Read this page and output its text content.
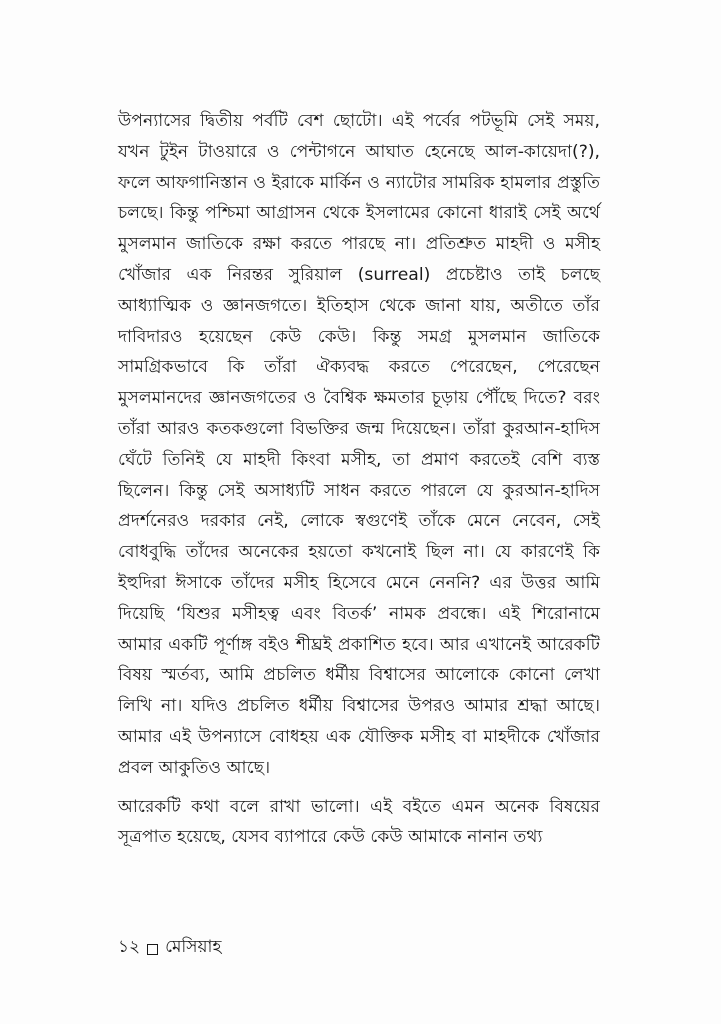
উপন্যাসের দ্বিতীয় পর্বটি বেশ ছোটো। এই পর্বের পটভূমি সেই সময়, যখন টুইন টাওয়ারে ও পেন্টাগনে আঘাত হেনেছে আল-কায়েদা(?), ফলে আফগানিস্তান ও ইরাকে মার্কিন ও ন্যাটোর সামরিক হামলার প্রস্তুতি চলছে। কিন্তু পশ্চিমা আগ্রাসন থেকে ইসলামের কোনো ধারাই সেই অর্থে মুসলমান জাতিকে রক্ষা করতে পারছে না। প্রতিশ্রুত মাহদী ও মসীহ খোঁজার এক নিরন্তর সুরিয়াল (surreal) প্রচেষ্টাও তাই চলছে আধ্যাত্মিক ও জ্ঞানজগতে। ইতিহাস থেকে জানা যায়, অতীতে তাঁর দাবিদারও হয়েছেন কেউ কেউ। কিন্তু সমগ্র মুসলমান জাতিকে সামগ্রিকভাবে কি তাঁরা ঐক্যবদ্ধ করতে পেরেছেন, পেরেছেন মুসলমানদের জ্ঞানজগতের ও বৈশ্বিক ক্ষমতার চূড়ায় পৌঁছে দিতে? বরং তাঁরা আরও কতকগুলো বিভক্তির জন্ম দিয়েছেন। তাঁরা কুরআন-হাদিস ঘেঁটে তিনিই যে মাহদী কিংবা মসীহ, তা প্রমাণ করতেই বেশি ব্যস্ত ছিলেন। কিন্তু সেই অসাধ্যটি সাধন করতে পারলে যে কুরআন-হাদিস প্রদর্শনেরও দরকার নেই, লোকে স্বগুণেই তাঁকে মেনে নেবেন, সেই বোধবুদ্ধি তাঁদের অনেকের হয়তো কখনোই ছিল না। যে কারণেই কি ইহুদিরা ঈসাকে তাঁদের মসীহ হিসেবে মেনে নেননি? এর উত্তর আমি দিয়েছি ‘যিশুর মসীহত্ব এবং বিতর্ক’ নামক প্রবন্ধে। এই শিরোনামে আমার একটি পূর্ণাঙ্গ বইও শীঘ্রই প্রকাশিত হবে। আর এখানেই আরেকটি বিষয় স্মর্তব্য, আমি প্রচলিত ধর্মীয় বিশ্বাসের আলোকে কোনো লেখা লিখি না। যদিও প্রচলিত ধর্মীয় বিশ্বাসের উপরও আমার শ্রদ্ধা আছে। আমার এই উপন্যাসে বোধহয় এক যৌক্তিক মসীহ বা মাহদীকে খোঁজার প্রবল আকুতিও আছে।

আরেকটি কথা বলে রাখা ভালো। এই বইতে এমন অনেক বিষয়ের সূত্রপাত হয়েছে, যেসব ব্যাপারে কেউ কেউ আমাকে নানান তথ্য

১২ মেসিয়াহ
